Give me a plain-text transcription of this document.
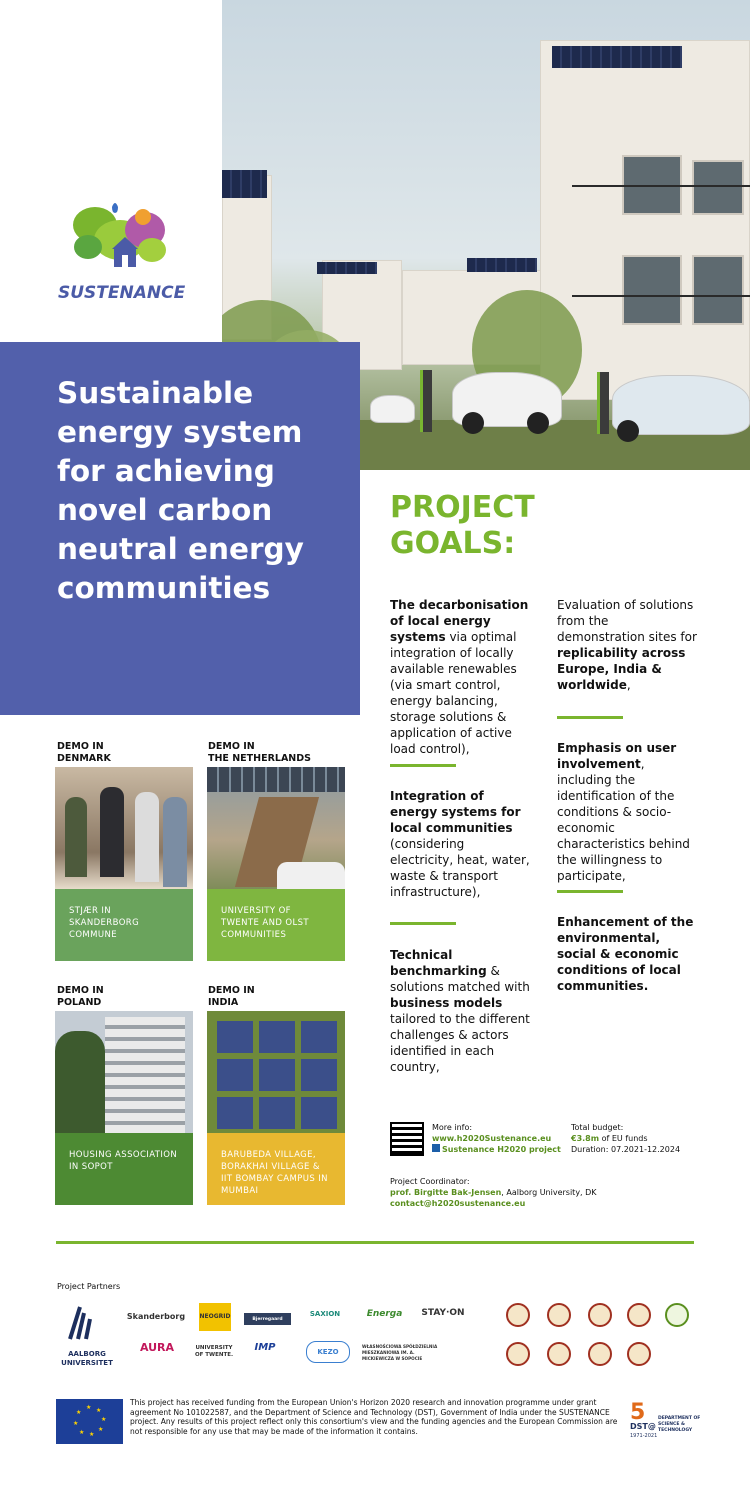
SUSTENANCE
Sustainable energy system for achieving novel carbon neutral energy communities
PROJECT
GOALS:
The decarbonisation of local energy systems via optimal integration of locally available renewables (via smart control, energy balancing, storage solutions & application of active load control),
Integration of energy systems for local communities (considering electricity, heat, water, waste & transport infrastructure),
Technical benchmarking & solutions matched with business models tailored to the different challenges & actors identified in each country,
Evaluation of solutions from the demonstration sites for replicability across Europe, India & worldwide,
Emphasis on user involvement, including the identification of the conditions & socio-economic characteristics behind the willingness to participate,
Enhancement of the environmental, social & economic conditions of local communities.
DEMO IN
DENMARK
STJÆR IN SKANDERBORG COMMUNE
DEMO IN
THE NETHERLANDS
UNIVERSITY OF TWENTE AND OLST COMMUNITIES
DEMO IN
POLAND
HOUSING ASSOCIATION IN SOPOT
DEMO IN
INDIA
BARUBEDA VILLAGE, BORAKHAI VILLAGE & IIT BOMBAY CAMPUS IN MUMBAI
More info:
www.h2020Sustenance.eu
Sustenance H2020 project
Total budget:
€3.8m of EU funds
Duration: 07.2021-12.2024
Project Coordinator:
prof. Birgitte Bak-Jensen, Aalborg University, DK
contact@h2020sustenance.eu
Project Partners
AALBORG UNIVERSITET
Skanderborg NEOGRID	Bjerregaard Consulting
SAXION	Energa	STAY·ON
AURA	UNIVERSITY OF TWENTE.
IMP	KEZO
WŁASNOŚCIOWA SPÓŁDZIELNIA MIESZKANIOWA IM. A. MICKIEWICZA W SOPOCIE
★ ★
★
★
★
★
★
★
This project has received funding from the European Union's Horizon 2020 research and innovation programme under grant agreement No 101022587, and the Department of Science and Technology (DST), Government of India under the SUSTENANCE project. Any results of this project reflect only this consortium's view and the funding agencies and the European Commission are not responsible for any use that may be made of the information it contains.
5
DST@
1971-2021
DEPARTMENT OF SCIENCE & TECHNOLOGY
